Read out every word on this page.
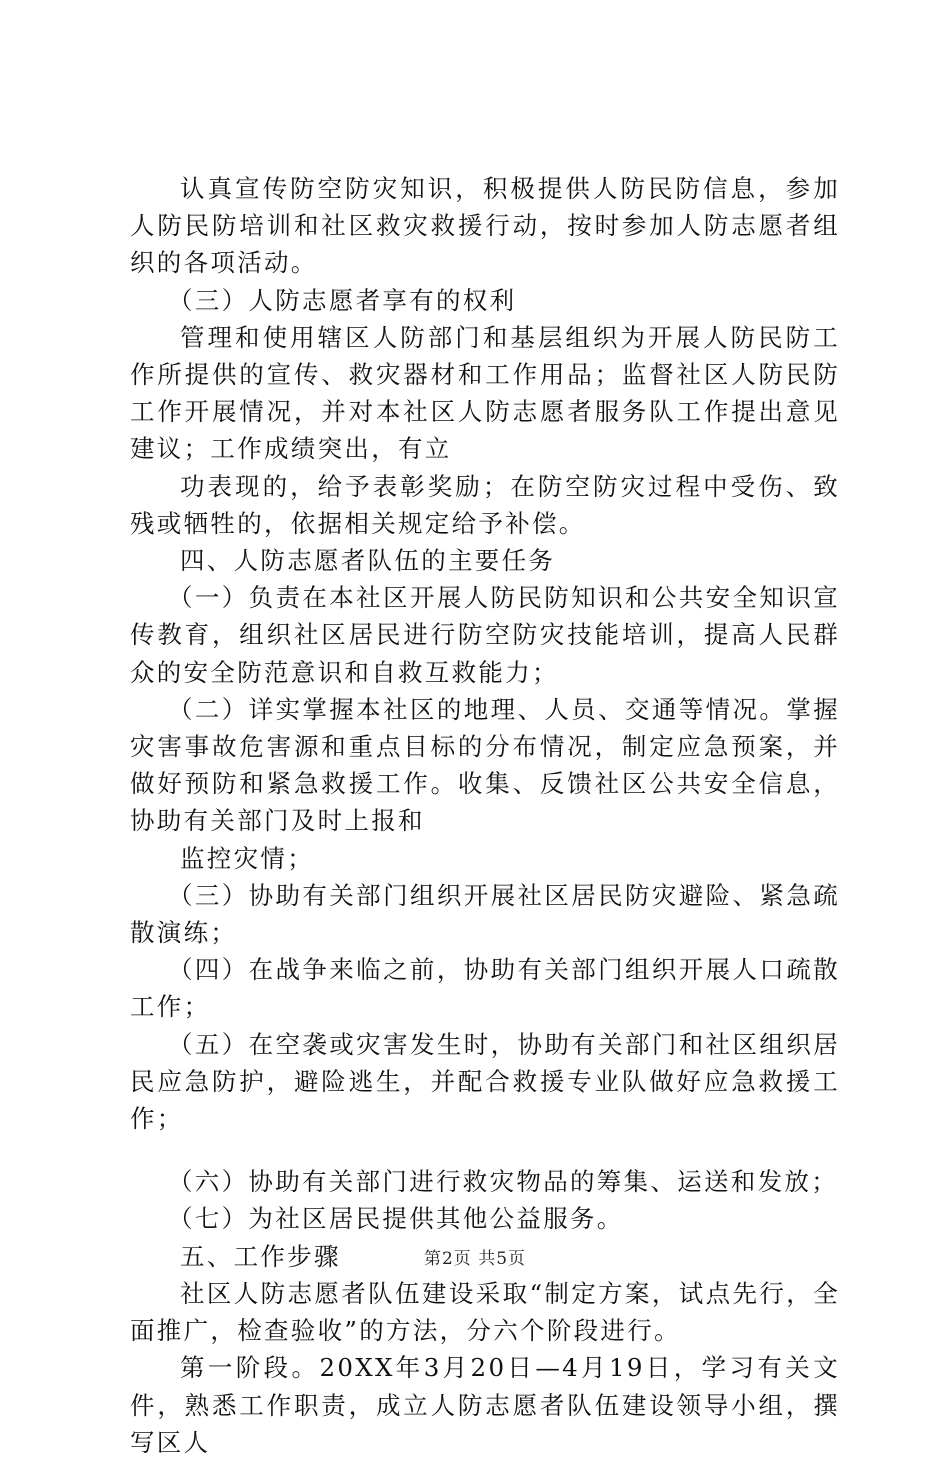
认真宣传防空防灾知识，积极提供人防民防信息，参加人防民防培训和社区救灾救援行动，按时参加人防志愿者组织的各项活动。

（三）人防志愿者享有的权利

管理和使用辖区人防部门和基层组织为开展人防民防工作所提供的宣传、救灾器材和工作用品；监督社区人防民防工作开展情况，并对本社区人防志愿者服务队工作提出意见建议；工作成绩突出，有立

功表现的，给予表彰奖励；在防空防灾过程中受伤、致残或牺牲的，依据相关规定给予补偿。

四、人防志愿者队伍的主要任务

（一）负责在本社区开展人防民防知识和公共安全知识宣传教育，组织社区居民进行防空防灾技能培训，提高人民群众的安全防范意识和自救互救能力；

（二）详实掌握本社区的地理、人员、交通等情况。掌握灾害事故危害源和重点目标的分布情况，制定应急预案，并做好预防和紧急救援工作。收集、反馈社区公共安全信息，协助有关部门及时上报和

监控灾情；

（三）协助有关部门组织开展社区居民防灾避险、紧急疏散演练；

（四）在战争来临之前，协助有关部门组织开展人口疏散工作；

（五）在空袭或灾害发生时，协助有关部门和社区组织居民应急防护，避险逃生，并配合救援专业队做好应急救援工作；

（六）协助有关部门进行救灾物品的筹集、运送和发放；

（七）为社区居民提供其他公益服务。

五、工作步骤

社区人防志愿者队伍建设采取“制定方案，试点先行，全面推广，检查验收”的方法，分六个阶段进行。

第一阶段。20XX年3月20日—4月19日，学习有关文件，熟悉工作职责，成立人防志愿者队伍建设领导小组，撰写区人

第2页 共5页
